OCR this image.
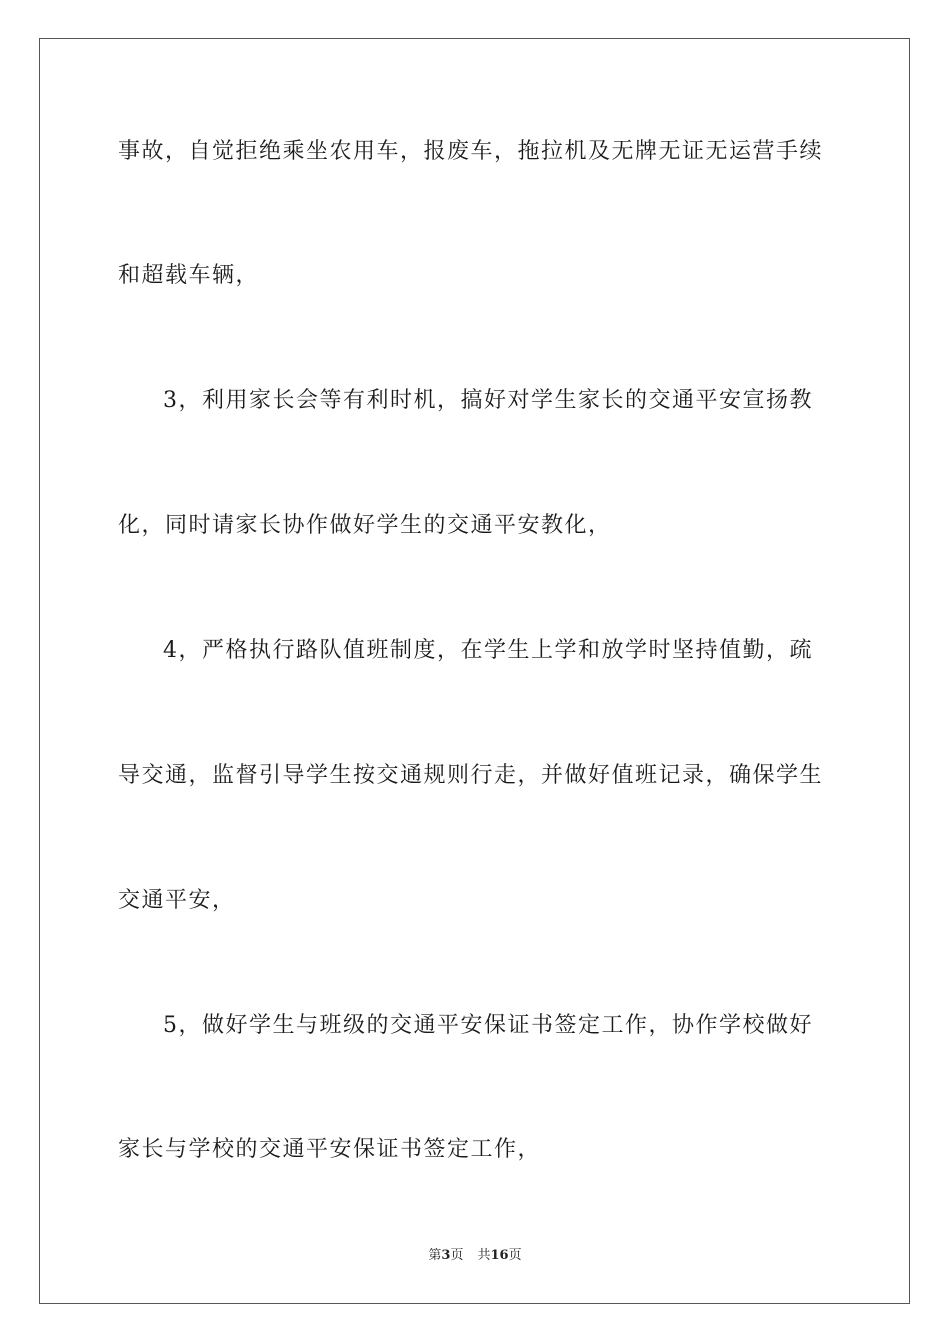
事故，自觉拒绝乘坐农用车，报废车，拖拉机及无牌无证无运营手续
和超载车辆，
3，利用家长会等有利时机，搞好对学生家长的交通平安宣扬教
化，同时请家长协作做好学生的交通平安教化，
4，严格执行路队值班制度，在学生上学和放学时坚持值勤，疏
导交通，监督引导学生按交通规则行走，并做好值班记录，确保学生
交通平安，
5，做好学生与班级的交通平安保证书签定工作，协作学校做好
家长与学校的交通平安保证书签定工作，
第3页 共16页
